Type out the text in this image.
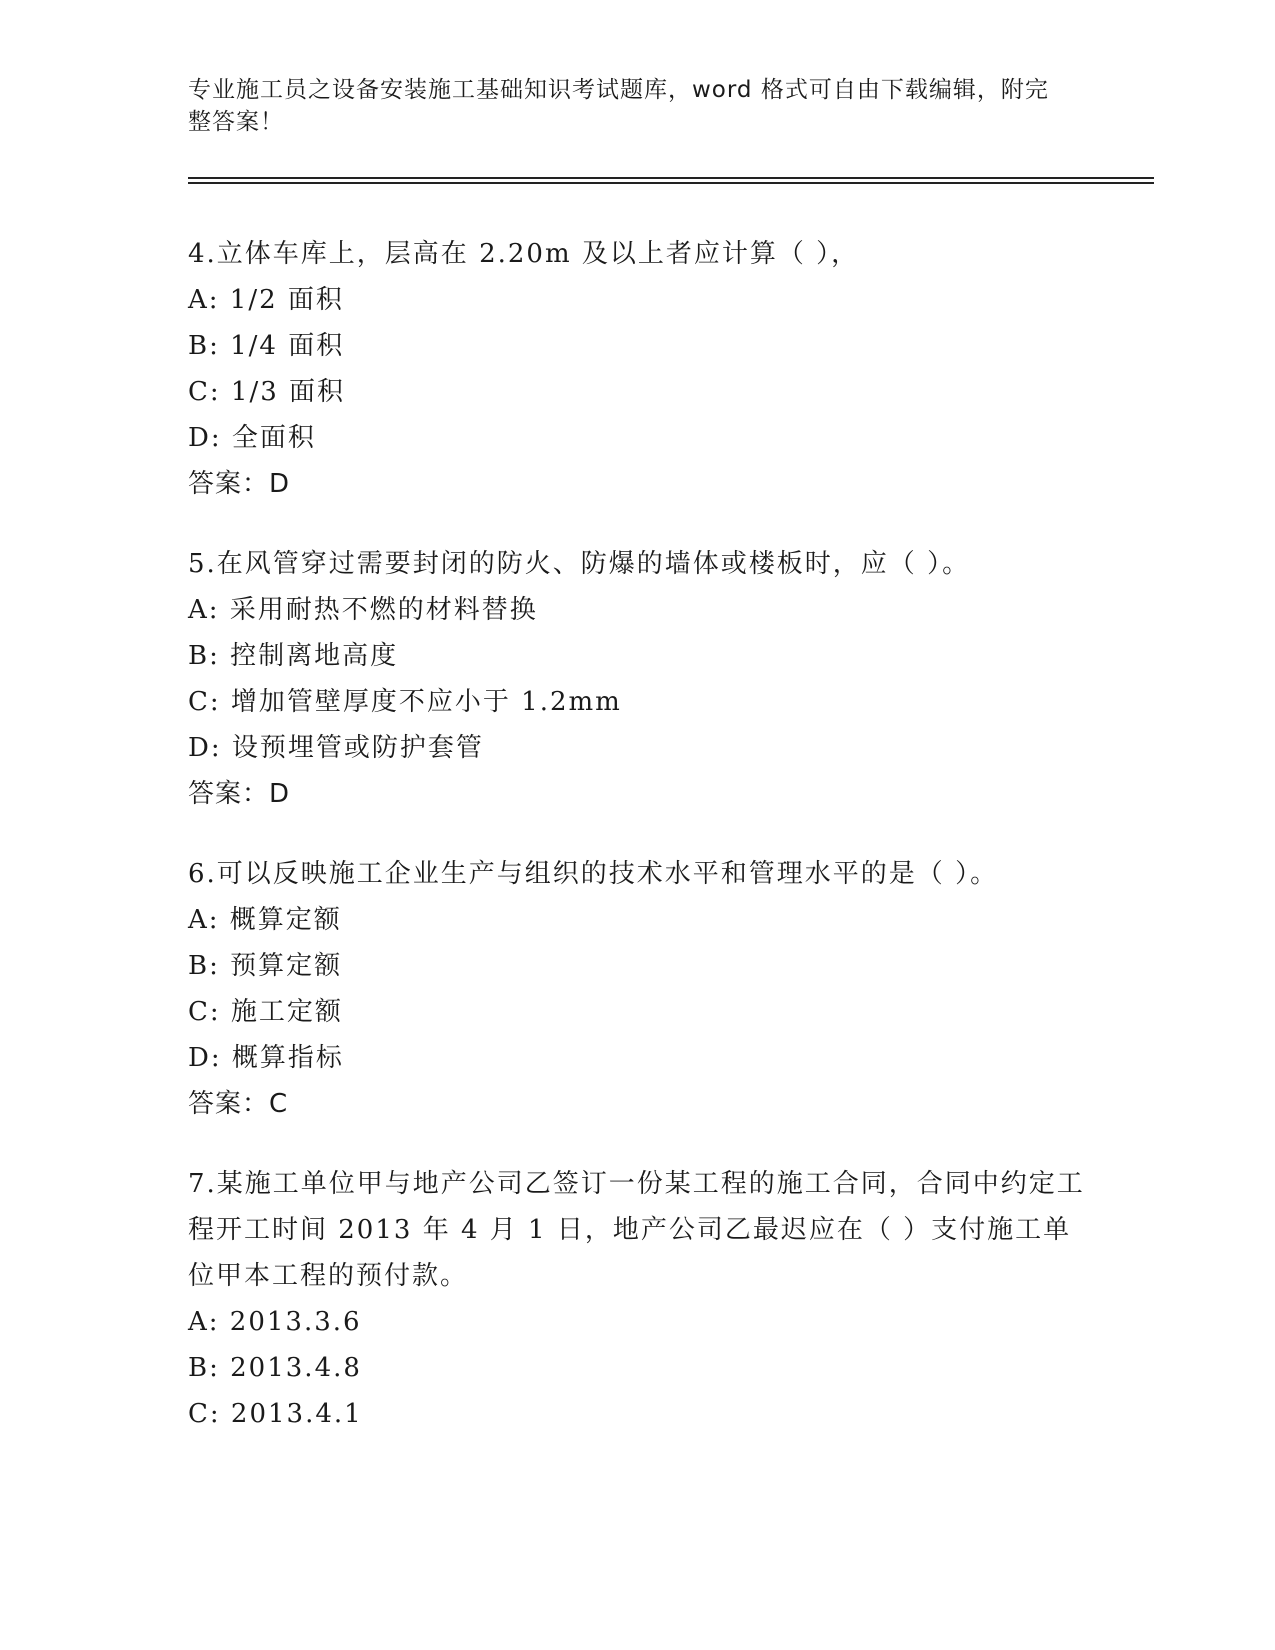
专业施工员之设备安装施工基础知识考试题库，word 格式可自由下载编辑，附完整答案！
4.立体车库上，层高在 2.20m 及以上者应计算（ ），
A: 1/2 面积
B: 1/4 面积
C: 1/3 面积
D: 全面积
答案：D
5.在风管穿过需要封闭的防火、防爆的墙体或楼板时，应（ ）。
A: 采用耐热不燃的材料替换
B: 控制离地高度
C: 增加管壁厚度不应小于 1.2mm
D: 设预埋管或防护套管
答案：D
6.可以反映施工企业生产与组织的技术水平和管理水平的是（ ）。
A: 概算定额
B: 预算定额
C: 施工定额
D: 概算指标
答案：C
7.某施工单位甲与地产公司乙签订一份某工程的施工合同，合同中约定工程开工时间 2013 年 4 月 1 日，地产公司乙最迟应在（ ）支付施工单位甲本工程的预付款。
A: 2013.3.6
B: 2013.4.8
C: 2013.4.1
